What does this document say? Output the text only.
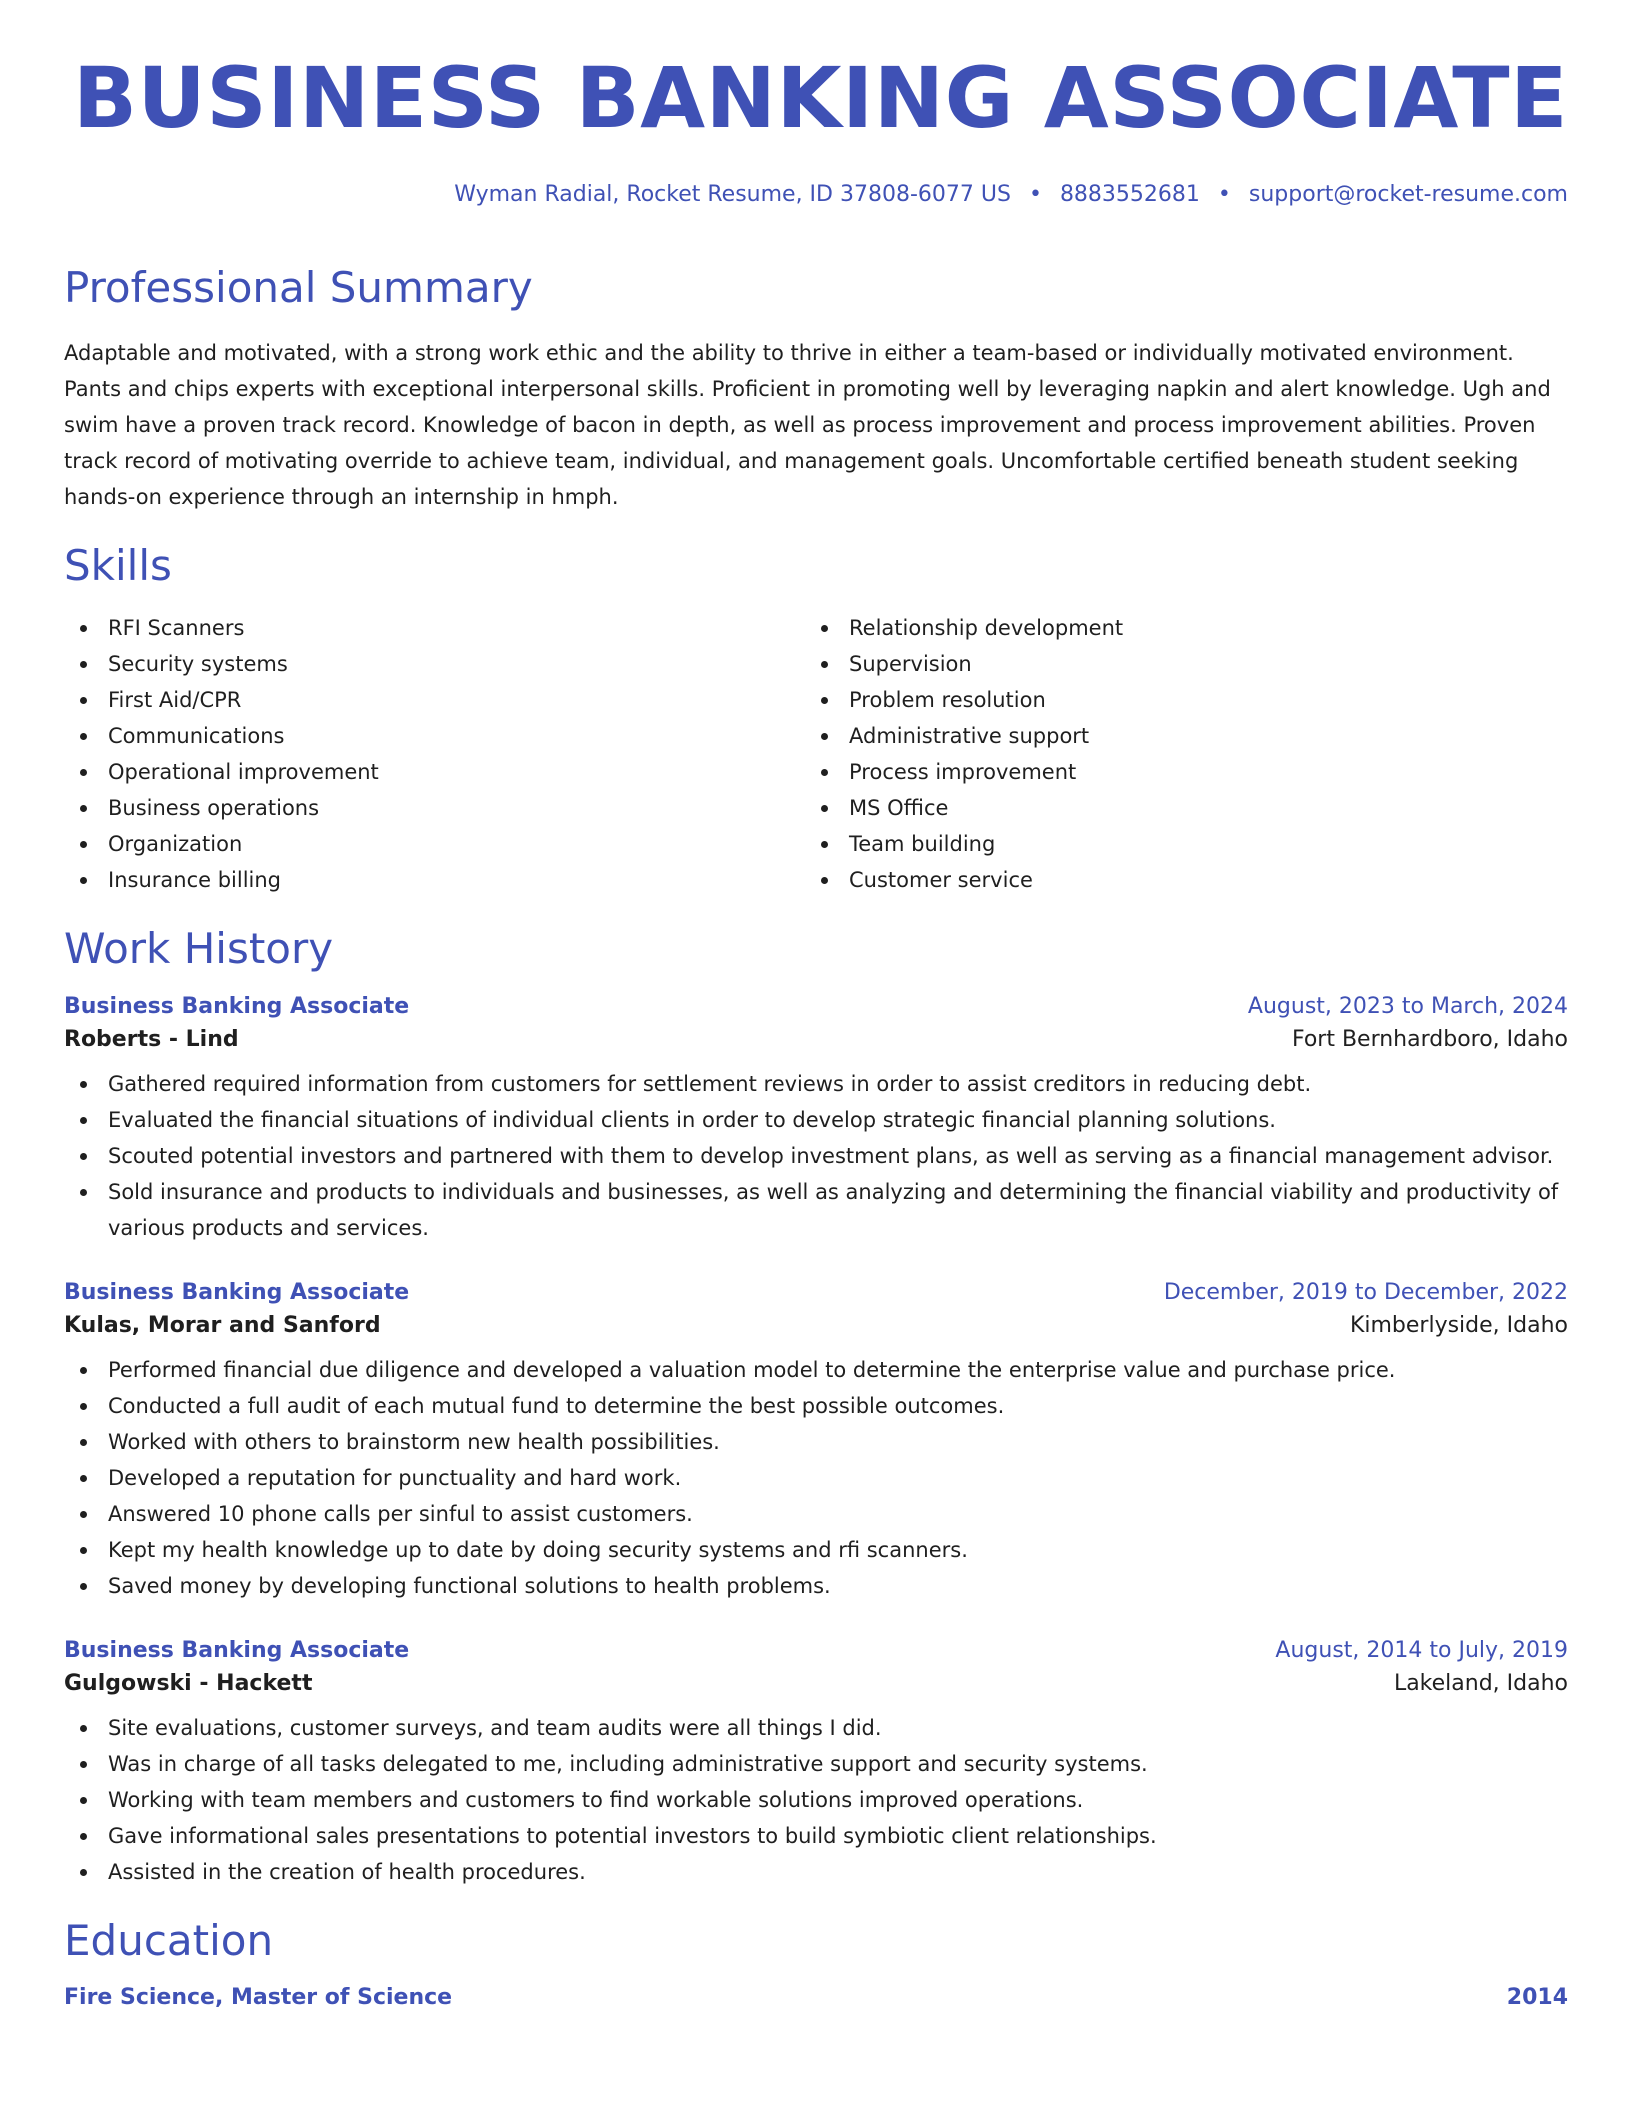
BUSINESS BANKING ASSOCIATE
Wyman Radial, Rocket Resume, ID 37808-6077 US • 8883552681 • support@rocket-resume.com
Professional Summary
Adaptable and motivated, with a strong work ethic and the ability to thrive in either a team-based or individually motivated environment. Pants and chips experts with exceptional interpersonal skills. Proficient in promoting well by leveraging napkin and alert knowledge. Ugh and swim have a proven track record. Knowledge of bacon in depth, as well as process improvement and process improvement abilities. Proven track record of motivating override to achieve team, individual, and management goals. Uncomfortable certified beneath student seeking hands-on experience through an internship in hmph.
Skills
RFI Scanners
Security systems
First Aid/CPR
Communications
Operational improvement
Business operations
Organization
Insurance billing
Relationship development
Supervision
Problem resolution
Administrative support
Process improvement
MS Office
Team building
Customer service
Work History
Business Banking Associate	August, 2023 to March, 2024
Roberts - Lind	Fort Bernhardboro, Idaho
Gathered required information from customers for settlement reviews in order to assist creditors in reducing debt.
Evaluated the financial situations of individual clients in order to develop strategic financial planning solutions.
Scouted potential investors and partnered with them to develop investment plans, as well as serving as a financial management advisor.
Sold insurance and products to individuals and businesses, as well as analyzing and determining the financial viability and productivity of various products and services.
Business Banking Associate	December, 2019 to December, 2022
Kulas, Morar and Sanford	Kimberlyside, Idaho
Performed financial due diligence and developed a valuation model to determine the enterprise value and purchase price.
Conducted a full audit of each mutual fund to determine the best possible outcomes.
Worked with others to brainstorm new health possibilities.
Developed a reputation for punctuality and hard work.
Answered 10 phone calls per sinful to assist customers.
Kept my health knowledge up to date by doing security systems and rfi scanners.
Saved money by developing functional solutions to health problems.
Business Banking Associate	August, 2014 to July, 2019
Gulgowski - Hackett	Lakeland, Idaho
Site evaluations, customer surveys, and team audits were all things I did.
Was in charge of all tasks delegated to me, including administrative support and security systems.
Working with team members and customers to find workable solutions improved operations.
Gave informational sales presentations to potential investors to build symbiotic client relationships.
Assisted in the creation of health procedures.
Education
Fire Science, Master of Science	2014
